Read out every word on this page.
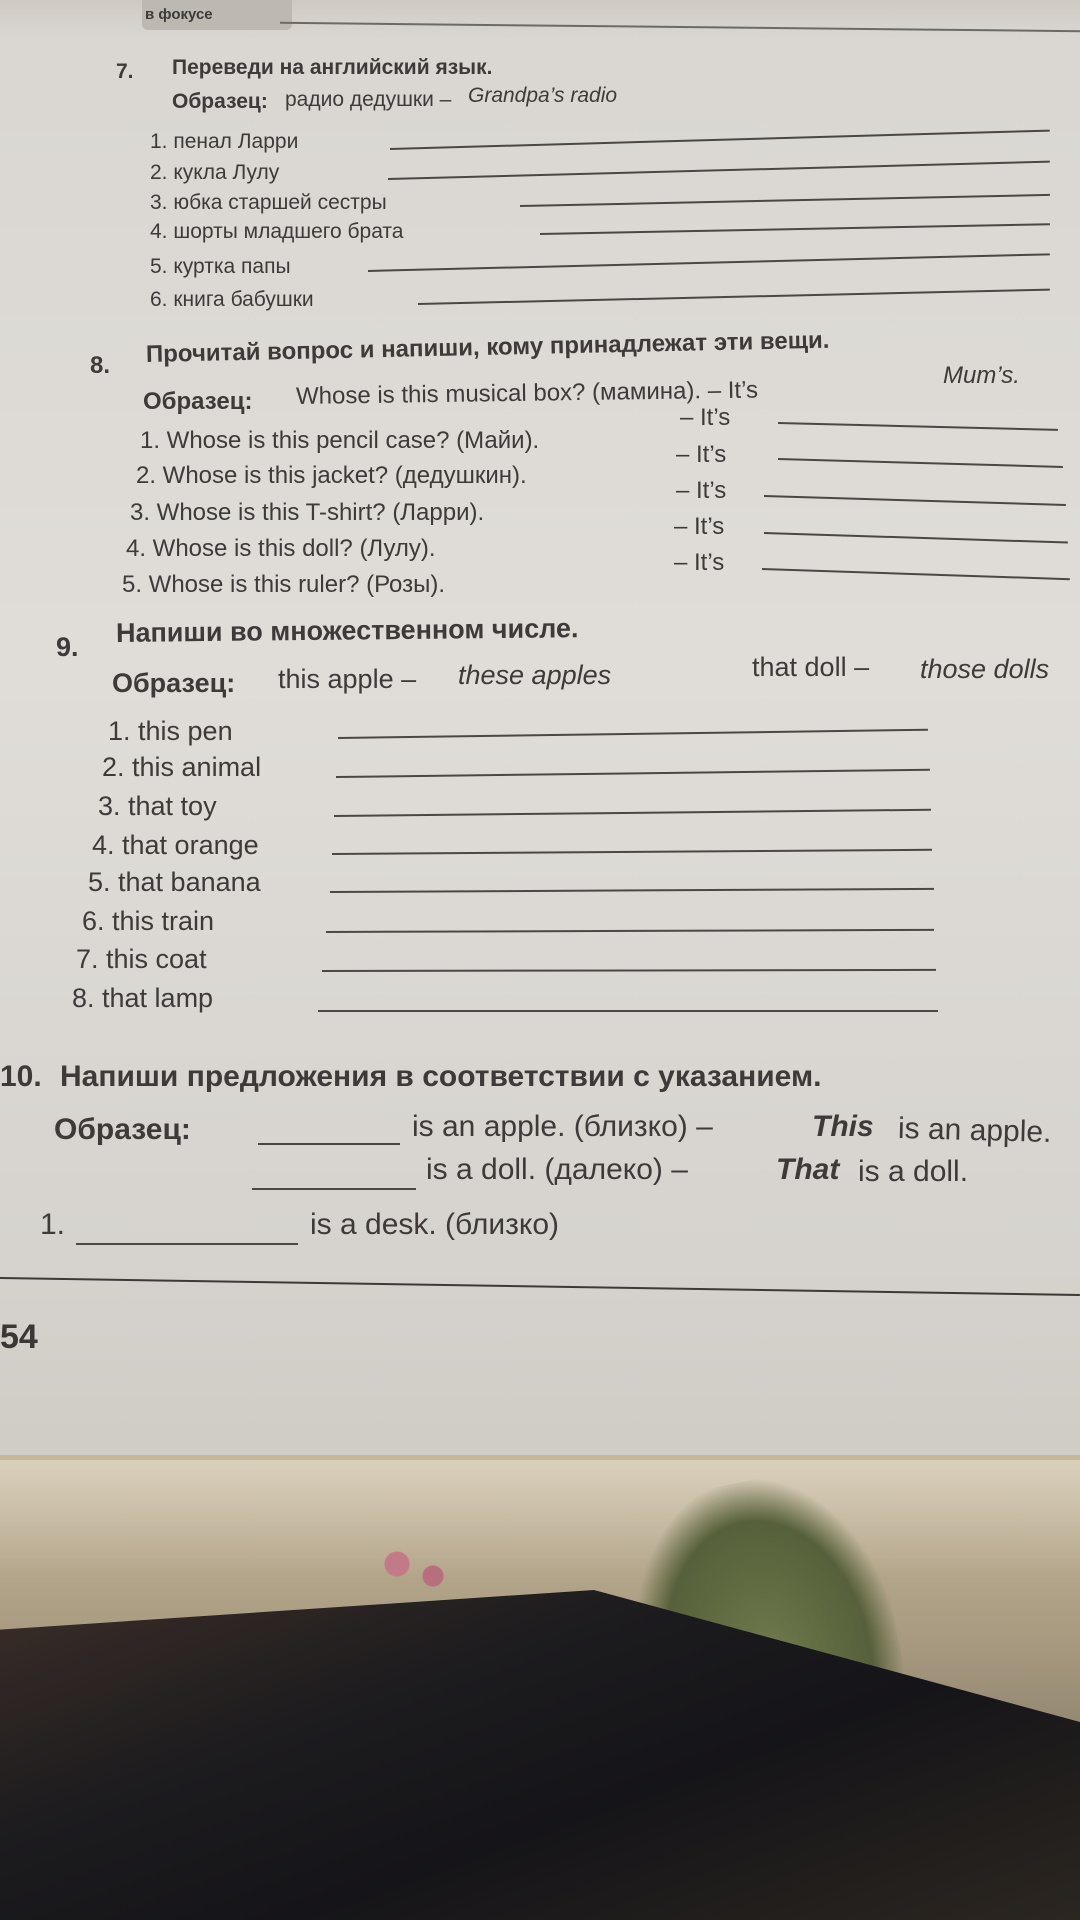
в фокусе
7. Переведи на английский язык.
Образец: радио дедушки – Grandpa’s radio
1. пенал Ларри
2. кукла Лулу
3. юбка старшей сестры
4. шорты младшего брата
5. куртка папы
6. книга бабушки
8. Прочитай вопрос и напиши, кому принадлежат эти вещи.
Образец: Whose is this musical box? (мамина). – It’s
Mum’s.
1. Whose is this pencil case? (Майи).
– It’s
2. Whose is this jacket? (дедушкин).
– It’s
3. Whose is this T-shirt? (Ларри).
– It’s
4. Whose is this doll? (Лулу).
– It’s
5. Whose is this ruler? (Розы).
– It’s
9. Напиши во множественном числе.
Образец: this apple – these apples	that doll – those dolls
1. this pen
2. this animal
3. that toy
4. that orange
5. that banana
6. this train
7. this coat
8. that lamp
10. Напиши предложения в соответствии с указанием.
Образец:	is an apple. (близко) –	This is an apple.
is a doll. (далеко) –	That is a doll.
1.	is a desk. (близко)
54
